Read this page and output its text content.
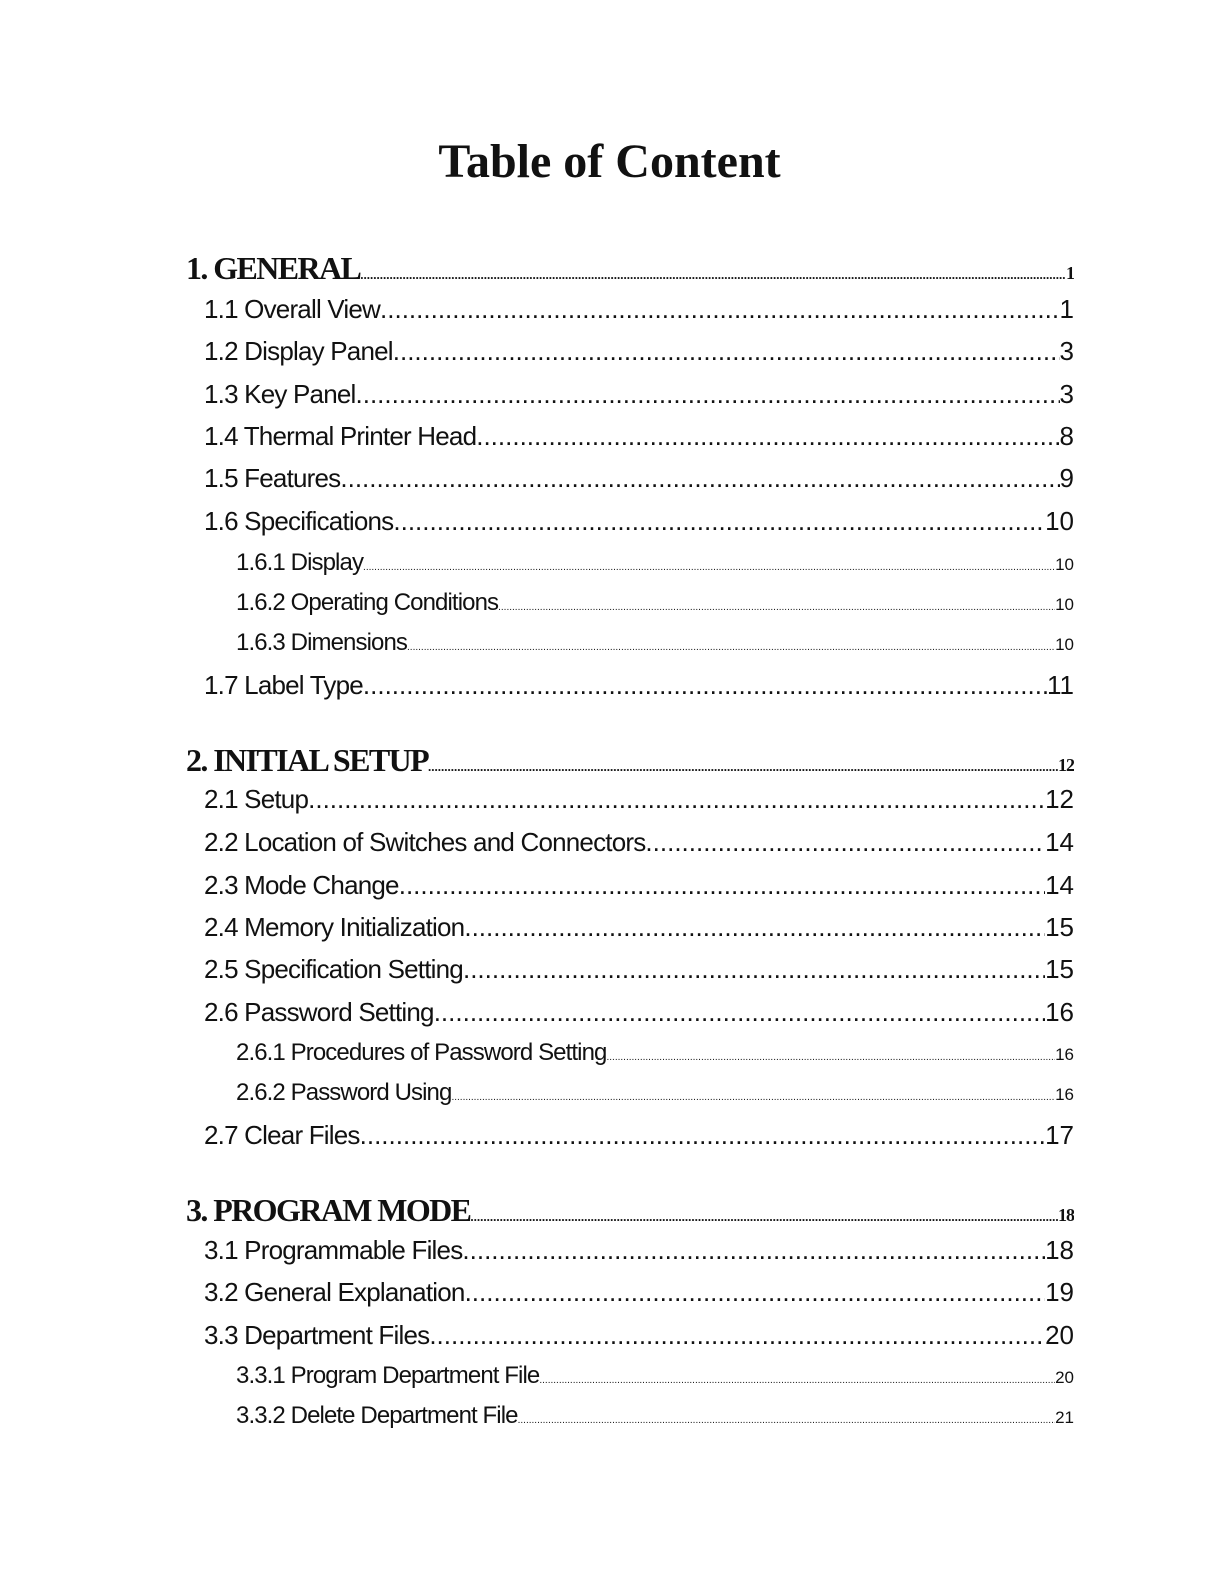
Table of Content
1. GENERAL .....	1
1.1 Overall View .....	1
1.2 Display Panel .....	3
1.3 Key Panel .....	3
1.4 Thermal Printer Head .....	8
1.5 Features .....	9
1.6 Specifications .....	10
1.6.1 Display .....	10
1.6.2 Operating Conditions .....	10
1.6.3 Dimensions .....	10
1.7 Label Type .....	11
2. INITIAL SETUP .....	12
2.1 Setup .....	12
2.2 Location of Switches and Connectors .....	14
2.3 Mode Change .....	14
2.4 Memory Initialization .....	15
2.5 Specification Setting .....	15
2.6 Password Setting .....	16
2.6.1 Procedures of Password Setting .....	16
2.6.2 Password Using .....	16
2.7 Clear Files .....	17
3. PROGRAM MODE .....	18
3.1 Programmable Files .....	18
3.2 General Explanation .....	19
3.3 Department Files .....	20
3.3.1 Program Department File .....	20
3.3.2 Delete Department File .....	21
